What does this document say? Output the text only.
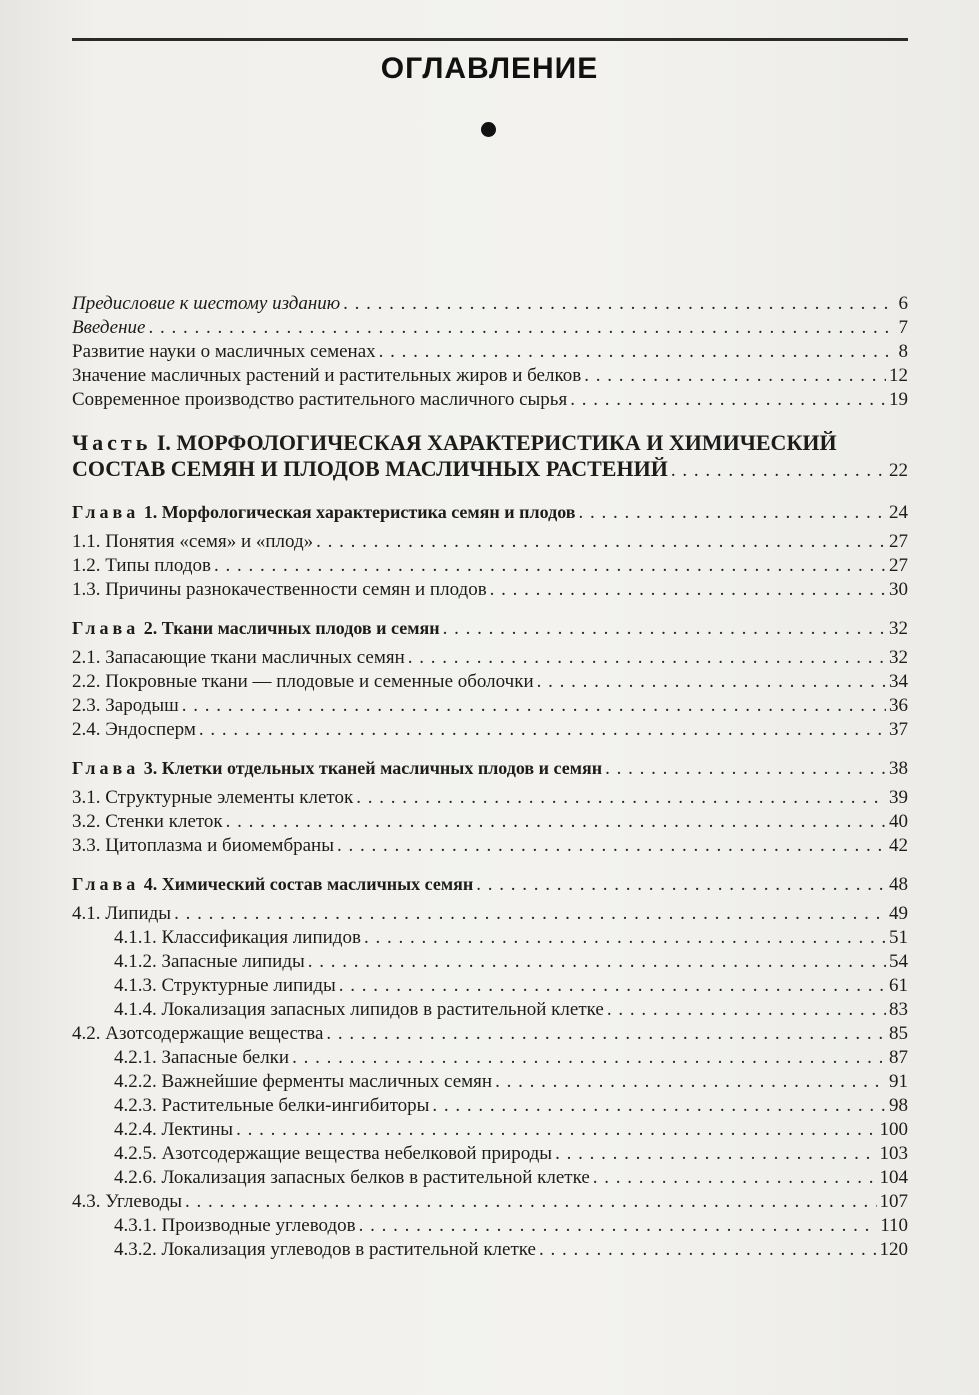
ОГЛАВЛЕНИЕ
Предисловие к шестому изданию . . .	6
Введение . . .	7
Развитие науки о масличных семенах . . .	8
Значение масличных растений и растительных жиров и белков . . .	12
Современное производство растительного масличного сырья . . .	19
Часть I. МОРФОЛОГИЧЕСКАЯ ХАРАКТЕРИСТИКА И ХИМИЧЕСКИЙ
СОСТАВ СЕМЯН И ПЛОДОВ МАСЛИЧНЫХ РАСТЕНИЙ . . .	22
Глава 1. Морфологическая характеристика семян и плодов . . .	24
1.1. Понятия «семя» и «плод» . . .	27
1.2. Типы плодов . . .	27
1.3. Причины разнокачественности семян и плодов . . .	30
Глава 2. Ткани масличных плодов и семян . . .	32
2.1. Запасающие ткани масличных семян . . .	32
2.2. Покровные ткани — плодовые и семенные оболочки . . .	34
2.3. Зародыш . . .	36
2.4. Эндосперм . . .	37
Глава 3. Клетки отдельных тканей масличных плодов и семян . . .	38
3.1. Структурные элементы клеток . . .	39
3.2. Стенки клеток . . .	40
3.3. Цитоплазма и биомембраны . . .	42
Глава 4. Химический состав масличных семян . . .	48
4.1. Липиды . . .	49
4.1.1. Классификация липидов . . .	51
4.1.2. Запасные липиды . . .	54
4.1.3. Структурные липиды . . .	61
4.1.4. Локализация запасных липидов в растительной клетке . . .	83
4.2. Азотсодержащие вещества . . .	85
4.2.1. Запасные белки . . .	87
4.2.2. Важнейшие ферменты масличных семян . . .	91
4.2.3. Растительные белки-ингибиторы . . .	98
4.2.4. Лектины . . .	100
4.2.5. Азотсодержащие вещества небелковой природы . . .	103
4.2.6. Локализация запасных белков в растительной клетке . . .	104
4.3. Углеводы . . .	107
4.3.1. Производные углеводов . . .	110
4.3.2. Локализация углеводов в растительной клетке . . .	120
